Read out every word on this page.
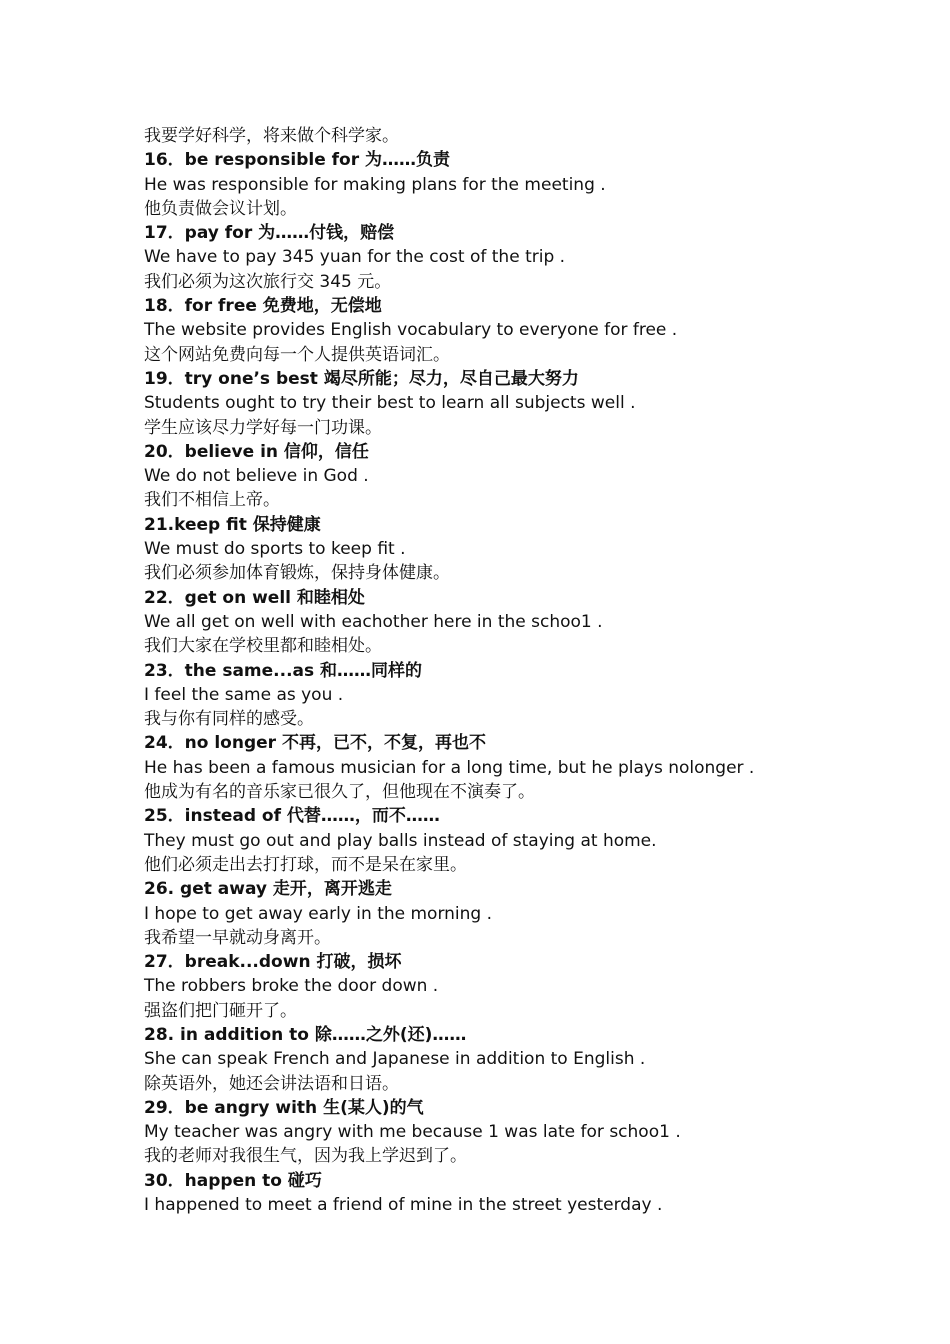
我要学好科学，将来做个科学家。
16．be responsible for 为……负责
He was responsible for making plans for the meeting .
他负责做会议计划。
17．pay for 为……付钱，赔偿
We have to pay 345 yuan for the cost of the trip .
我们必须为这次旅行交 345 元。
18．for free 免费地，无偿地
The website provides English vocabulary to everyone for free .
这个网站免费向每一个人提供英语词汇。
19．try one’s best 竭尽所能；尽力，尽自己最大努力
Students ought to try their best to learn all subjects well .
学生应该尽力学好每一门功课。
20．believe in 信仰，信任
We do not believe in God .
我们不相信上帝。
21.keep fit 保持健康
We must do sports to keep fit .
我们必须参加体育锻炼，保持身体健康。
22．get on well 和睦相处
We all get on well with eachother here in the schoo1 .
我们大家在学校里都和睦相处。
23．the same...as 和……同样的
I feel the same as you .
我与你有同样的感受。
24．no longer 不再，已不，不复，再也不
He has been a famous musician for a long time, but he plays nolonger .
他成为有名的音乐家已很久了，但他现在不演奏了。
25．instead of 代替……，而不……
They must go out and play balls instead of staying at home.
他们必须走出去打打球，而不是呆在家里。
26. get away 走开，离开逃走
I hope to get away early in the morning .
我希望一早就动身离开。
27．break...down 打破，损坏
The robbers broke the door down .
强盗们把门砸开了。
28. in addition to 除……之外(还)……
She can speak French and Japanese in addition to English .
除英语外，她还会讲法语和日语。
29．be angry with 生(某人)的气
My teacher was angry with me because 1 was late for schoo1 .
我的老师对我很生气，因为我上学迟到了。
30．happen to 碰巧
I happened to meet a friend of mine in the street yesterday .
